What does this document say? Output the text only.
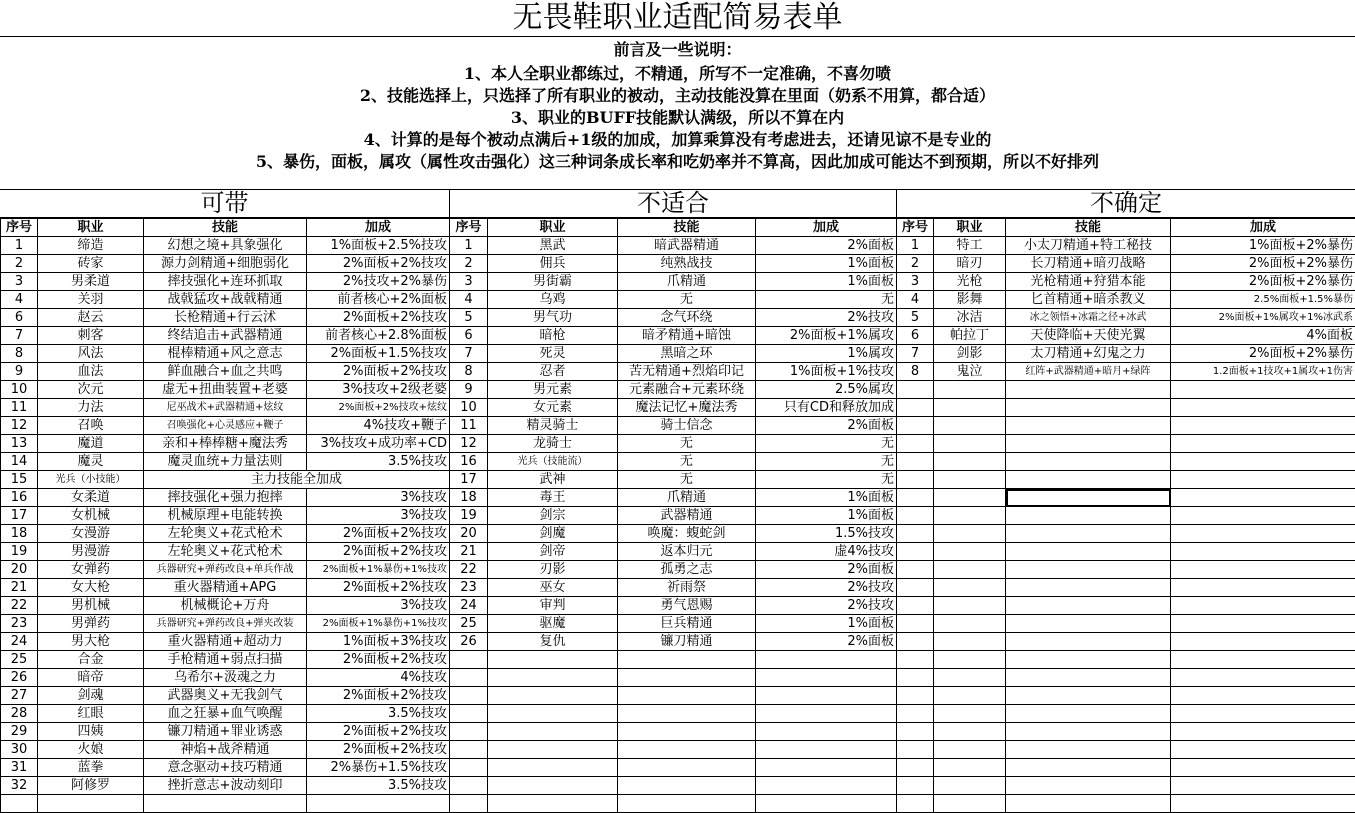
无畏鞋职业适配简易表单
前言及一些说明：
1、本人全职业都练过，不精通，所写不一定准确，不喜勿喷
2、技能选择上，只选择了所有职业的被动，主动技能没算在里面（奶系不用算，都合适）
3、职业的BUFF技能默认满级，所以不算在内
4、计算的是每个被动点满后+1级的加成，加算乘算没有考虑进去，还请见谅不是专业的
5、暴伤，面板，属攻（属性攻击强化）这三种词条成长率和吃奶率并不算高，因此加成可能达不到预期，所以不好排列
可带
序号	职业	技能	加成
1	缔造	幻想之境+具象强化	1%面板+2.5%技攻
2	砖家	源力剑精通+细胞弱化	2%面板+2%技攻
3	男柔道	摔技强化+连环抓取	2%技攻+2%暴伤
4	关羽	战戟猛攻+战戟精通	前者核心+2%面板
6	赵云	长枪精通+行云沭	2%面板+2%技攻
7	刺客	终结追击+武器精通	前者核心+2.8%面板
8	风法	棍棒精通+风之意志	2%面板+1.5%技攻
9	血法	鲜血融合+血之共鸣	2%面板+2%技攻
10	次元	虚无+扭曲装置+老婆	3%技攻+2级老婆
11	力法	尼巫战术+武器精通+炫纹	2%面板+2%技攻+炫纹
12	召唤	召唤强化+心灵感应+鞭子	4%技攻+鞭子
13	魔道	亲和+棒棒糖+魔法秀	3%技攻+成功率+CD
14	魔灵	魔灵血统+力量法则	3.5%技攻
15	光兵（小技能）	主力技能全加成	
16	女柔道	摔技强化+强力抱摔	3%技攻
17	女机械	机械原理+电能转换	3%技攻
18	女漫游	左轮奥义+花式枪术	2%面板+2%技攻
19	男漫游	左轮奥义+花式枪术	2%面板+2%技攻
20	女弹药	兵器研究+弹药改良+单兵作战	2%面板+1%暴伤+1%技攻
21	女大枪	重火器精通+APG	2%面板+2%技攻
22	男机械	机械概论+万舟	3%技攻
23	男弹药	兵器研究+弹药改良+弹夹改装	2%面板+1%暴伤+1%技攻
24	男大枪	重火器精通+超动力	1%面板+3%技攻
25	合金	手枪精通+弱点扫描	2%面板+2%技攻
26	暗帝	乌希尔+汲魂之力	4%技攻
27	剑魂	武器奥义+无我剑气	2%面板+2%技攻
28	红眼	血之狂暴+血气唤醒	3.5%技攻
29	四姨	镰刀精通+罪业诱惑	2%面板+2%技攻
30	火娘	神焰+战斧精通	2%面板+2%技攻
31	蓝拳	意念驱动+技巧精通	2%暴伤+1.5%技攻
32	阿修罗	挫折意志+波动刻印	3.5%技攻

不适合
序号	职业	技能	加成
1	黑武	暗武器精通	2%面板
2	佣兵	纯熟战技	1%面板
3	男街霸	爪精通	1%面板
4	乌鸡	无	无
5	男气功	念气环绕	2%技攻
6	暗枪	暗矛精通+暗蚀	2%面板+1%属攻
7	死灵	黑暗之环	1%属攻
8	忍者	苦无精通+烈焰印记	1%面板+1%技攻
9	男元素	元素融合+元素环绕	2.5%属攻
10	女元素	魔法记忆+魔法秀	只有CD和释放加成
11	精灵骑士	骑士信念	2%面板
12	龙骑士	无	无
16	光兵（技能流）	无	无
17	武神	无	无
18	毒王	爪精通	1%面板
19	剑宗	武器精通	1%面板
20	剑魔	唤魔：蝮蛇剑	1.5%技攻
21	剑帝	返本归元	虚4%技攻
22	刃影	孤勇之志	2%面板
23	巫女	祈雨祭	2%技攻
24	审判	勇气恩赐	2%技攻
25	驱魔	巨兵精通	1%面板
26	复仇	镰刀精通	2%面板

不确定
序号	职业	技能	加成
1	特工	小太刀精通+特工秘技	1%面板+2%暴伤
2	暗刃	长刀精通+暗刃战略	2%面板+2%暴伤
3	光枪	光枪精通+狩猎本能	2%面板+2%暴伤
4	影舞	匕首精通+暗杀教义	2.5%面板+1.5%暴伤
5	冰洁	冰之领悟+冰霜之径+冰武	2%面板+1%属攻+1%冰武系
6	帕拉丁	天使降临+天使光翼	4%面板
7	剑影	太刀精通+幻鬼之力	2%面板+2%暴伤
8	鬼泣	红阵+武器精通+暗月+绿阵	1.2面板+1技攻+1属攻+1伤害
